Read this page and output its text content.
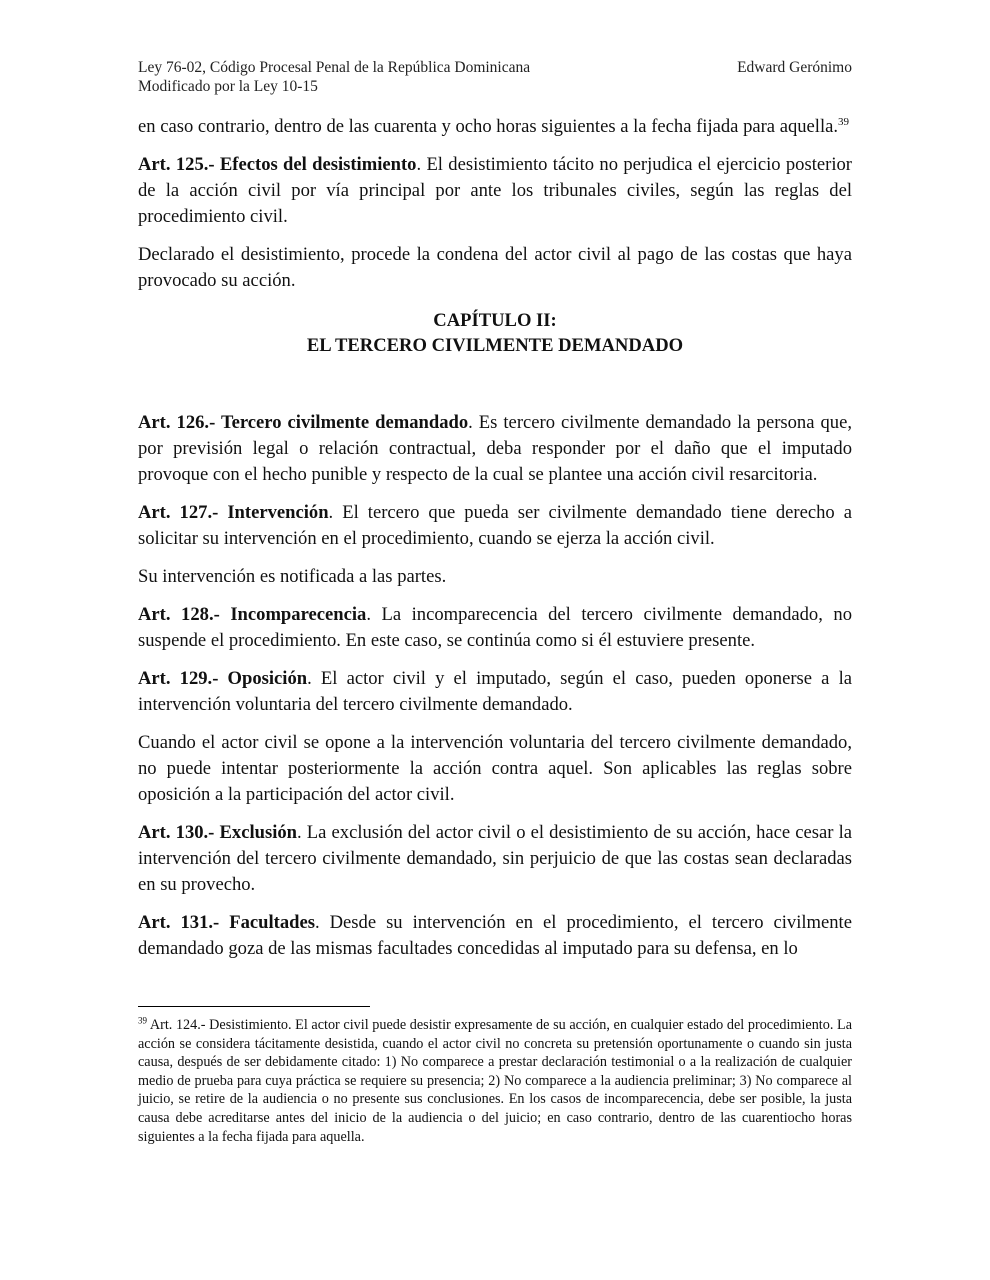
Ley 76-02, Código Procesal Penal de la República Dominicana
Modificado por la Ley 10-15
Edward Gerónimo

en caso contrario, dentro de las cuarenta y ocho horas siguientes a la fecha fijada para aquella.$^{39}$

Art. 125.- Efectos del desistimiento. El desistimiento tácito no perjudica el ejercicio posterior de la acción civil por vía principal por ante los tribunales civiles, según las reglas del procedimiento civil.

Declarado el desistimiento, procede la condena del actor civil al pago de las costas que haya provocado su acción.

CAPÍTULO II:
EL TERCERO CIVILMENTE DEMANDADO

Art. 126.- Tercero civilmente demandado. Es tercero civilmente demandado la persona que, por previsión legal o relación contractual, deba responder por el daño que el imputado provoque con el hecho punible y respecto de la cual se plantee una acción civil resarcitoria.

Art. 127.- Intervención. El tercero que pueda ser civilmente demandado tiene derecho a solicitar su intervención en el procedimiento, cuando se ejerza la acción civil.

Su intervención es notificada a las partes.

Art. 128.- Incomparecencia. La incomparecencia del tercero civilmente demandado, no suspende el procedimiento. En este caso, se continúa como si él estuviere presente.

Art. 129.- Oposición. El actor civil y el imputado, según el caso, pueden oponerse a la intervención voluntaria del tercero civilmente demandado.

Cuando el actor civil se opone a la intervención voluntaria del tercero civilmente demandado, no puede intentar posteriormente la acción contra aquel. Son aplicables las reglas sobre oposición a la participación del actor civil.

Art. 130.- Exclusión. La exclusión del actor civil o el desistimiento de su acción, hace cesar la intervención del tercero civilmente demandado, sin perjuicio de que las costas sean declaradas en su provecho.

Art. 131.- Facultades. Desde su intervención en el procedimiento, el tercero civilmente demandado goza de las mismas facultades concedidas al imputado para su defensa, en lo

$^{39}$ Art. 124.- Desistimiento. El actor civil puede desistir expresamente de su acción, en cualquier estado del procedimiento. La acción se considera tácitamente desistida, cuando el actor civil no concreta su pretensión oportunamente o cuando sin justa causa, después de ser debidamente citado: 1) No comparece a prestar declaración testimonial o a la realización de cualquier medio de prueba para cuya práctica se requiere su presencia; 2) No comparece a la audiencia preliminar; 3) No comparece al juicio, se retire de la audiencia o no presente sus conclusiones. En los casos de incomparecencia, debe ser posible, la justa causa debe acreditarse antes del inicio de la audiencia o del juicio; en caso contrario, dentro de las cuarentiocho horas siguientes a la fecha fijada para aquella.
